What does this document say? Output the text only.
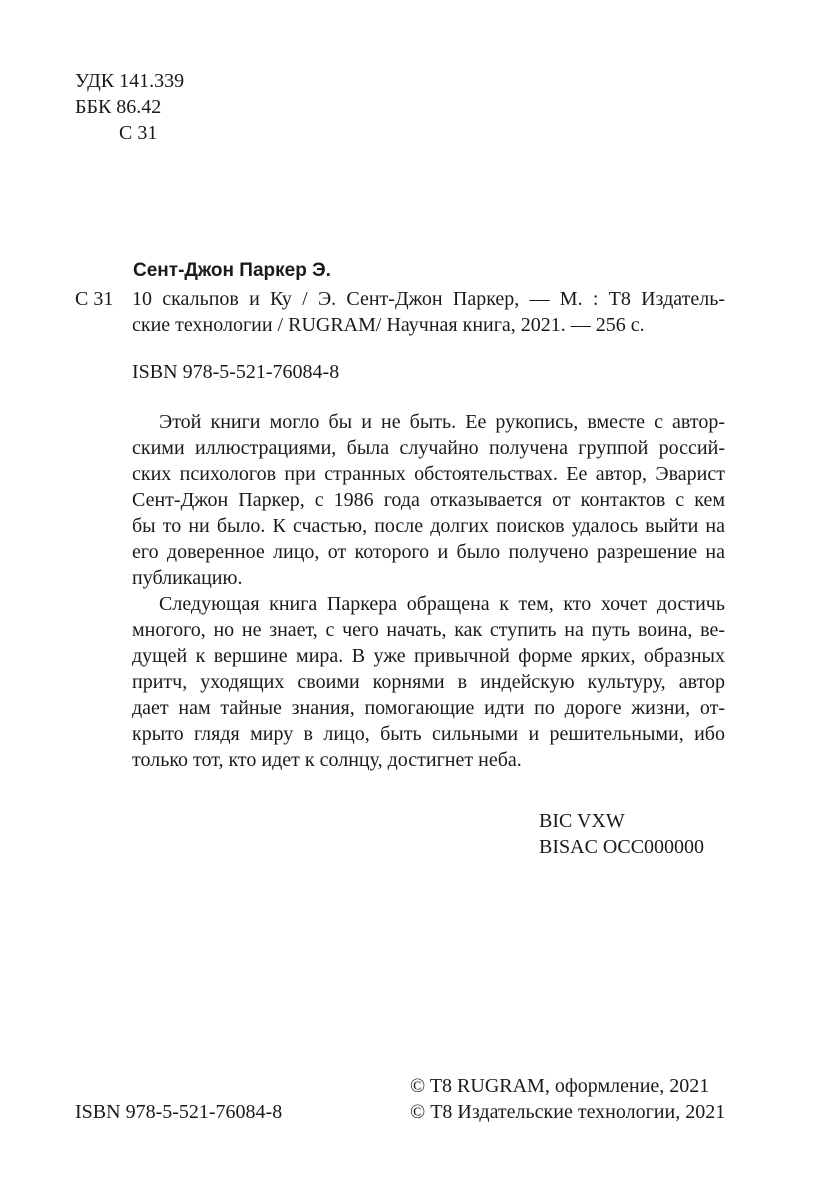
УДК 141.339
ББК 86.42
С 31
Сент-Джон Паркер Э.
С 31 10 скальпов и Ку / Э. Сент-Джон Паркер, — М. : Т8 Издатель-
ские технологии / RUGRAM/ Научная книга, 2021. — 256 с.
ISBN 978-5-521-76084-8
Этой книги могло бы и не быть. Ее рукопись, вместе с автор-
скими иллюстрациями, была случайно получена группой россий-
ских психологов при странных обстоятельствах. Ее автор, Эварист
Сент-Джон Паркер, с 1986 года отказывается от контактов с кем
бы то ни было. К счастью, после долгих поисков удалось выйти на
его доверенное лицо, от которого и было получено разрешение на
публикацию.
Следующая книга Паркера обращена к тем, кто хочет достичь
многого, но не знает, с чего начать, как ступить на путь воина, ве-
дущей к вершине мира. В уже привычной форме ярких, образных
притч, уходящих своими корнями в индейскую культуру, автор
дает нам тайные знания, помогающие идти по дороге жизни, от-
крыто глядя миру в лицо, быть сильными и решительными, ибо
только тот, кто идет к солнцу, достигнет неба.
BIC VXW
BISAC OCC000000
© T8 RUGRAM, оформление, 2021
© Т8 Издательские технологии, 2021
ISBN 978-5-521-76084-8
